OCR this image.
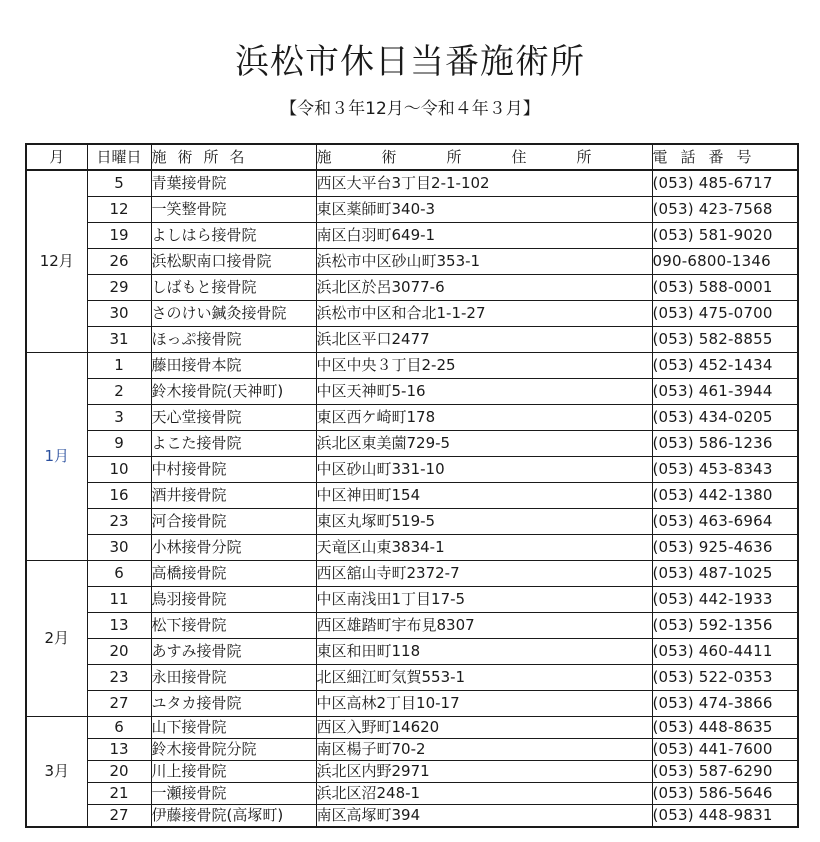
浜松市休日当番施術所
【令和３年12月～令和４年３月】
月	日曜日	施術所名	施術所住所	電話番号
12月	5	青葉接骨院	西区大平台3丁目2-1-102	(053) 485-6717
	12	一笑整骨院	東区薬師町340-3	(053) 423-7568
	19	よしはら接骨院	南区白羽町649-1	(053) 581-9020
	26	浜松駅南口接骨院	浜松市中区砂山町353-1	090-6800-1346
	29	しばもと接骨院	浜北区於呂3077-6	(053) 588-0001
	30	さのけい鍼灸接骨院	浜松市中区和合北1-1-27	(053) 475-0700
	31	ほっぷ接骨院	浜北区平口2477	(053) 582-8855
1月	1	藤田接骨本院	中区中央３丁目2-25	(053) 452-1434
	2	鈴木接骨院(天神町)	中区天神町5-16	(053) 461-3944
	3	天心堂接骨院	東区西ケ崎町178	(053) 434-0205
	9	よこた接骨院	浜北区東美薗729-5	(053) 586-1236
	10	中村接骨院	中区砂山町331-10	(053) 453-8343
	16	酒井接骨院	中区神田町154	(053) 442-1380
	23	河合接骨院	東区丸塚町519-5	(053) 463-6964
	30	小林接骨分院	天竜区山東3834-1	(053) 925-4636
2月	6	高橋接骨院	西区舘山寺町2372-7	(053) 487-1025
	11	鳥羽接骨院	中区南浅田1丁目17-5	(053) 442-1933
	13	松下接骨院	西区雄踏町宇布見8307	(053) 592-1356
	20	あすみ接骨院	東区和田町118	(053) 460-4411
	23	永田接骨院	北区細江町気賀553-1	(053) 522-0353
	27	ユタカ接骨院	中区高林2丁目10-17	(053) 474-3866
3月	6	山下接骨院	西区入野町14620	(053) 448-8635
	13	鈴木接骨院分院	南区楊子町70-2	(053) 441-7600
	20	川上接骨院	浜北区内野2971	(053) 587-6290
	21	一瀬接骨院	浜北区沼248-1	(053) 586-5646
	27	伊藤接骨院(高塚町)	南区高塚町394	(053) 448-9831
